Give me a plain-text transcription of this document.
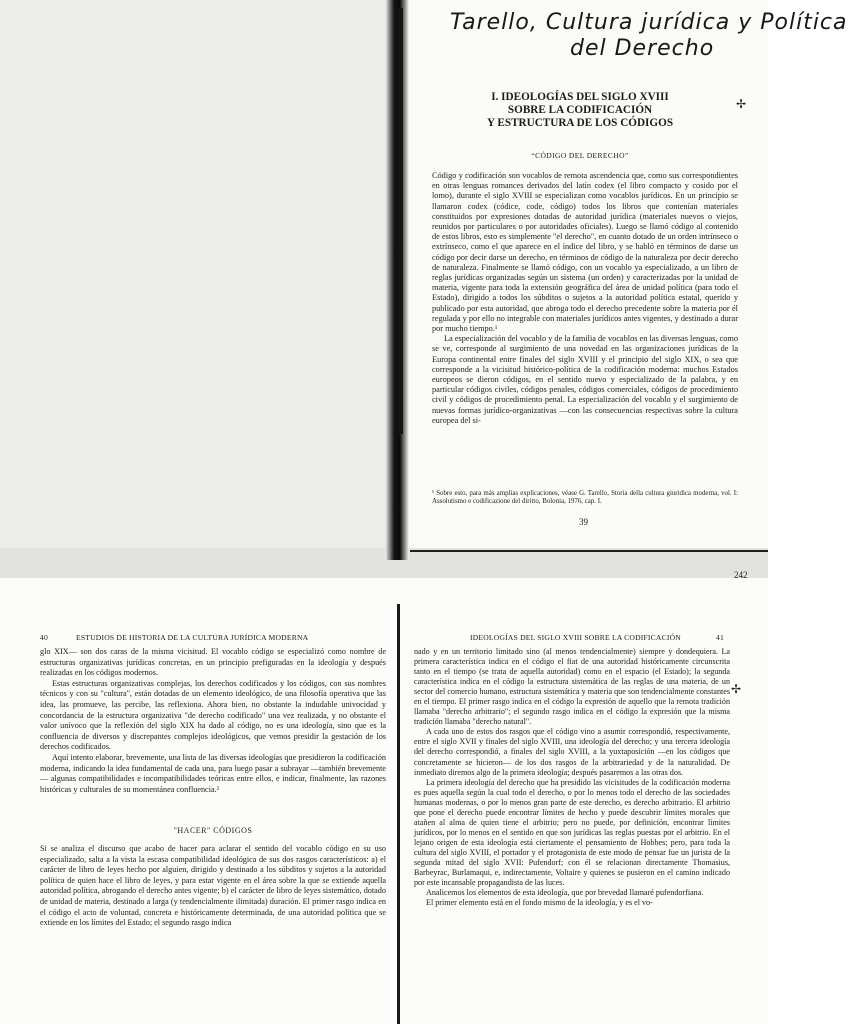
Tarello, Cultura jurídica y Política
del Derecho
I. IDEOLOGÍAS DEL SIGLO XVIII
SOBRE LA CODIFICACIÓN
Y ESTRUCTURA DE LOS CÓDIGOS
✢
“CÓDIGO DEL DERECHO”

Código y codificación son vocablos de remota ascendencia que, como sus correspondientes en otras lenguas romances derivados del latín codex (el libro compacto y cosido por el lomo), durante el siglo XVIII se especializan como vocablos jurídicos. En un principio se llamaron codex (códice, code, código) todos los libros que contenían materiales constituidos por expresiones dotadas de autoridad jurídica (materiales nuevos o viejos, reunidos por particulares o por autoridades oficiales). Luego se llamó código al contenido de estos libros, esto es simplemente "el derecho", en cuanto dotado de un orden intrínseco o extrínseco, como el que aparece en el índice del libro, y se habló en términos de darse un código por decir darse un derecho, en términos de código de la naturaleza por decir derecho de naturaleza. Finalmente se llamó código, con un vocablo ya especializado, a un libro de reglas jurídicas organizadas según un sistema (un orden) y caracterizadas por la unidad de materia, vigente para toda la extensión geográfica del área de unidad política (para todo el Estado), dirigido a todos los súbditos o sujetos a la autoridad política estatal, querido y publicado por esta autoridad, que abroga todo el derecho precedente sobre la materia por él regulada y por ello no integrable con materiales jurídicos antes vigentes, y destinado a durar por mucho tiempo.¹

La especialización del vocablo y de la familia de vocablos en las diversas lenguas, como se ve, corresponde al surgimiento de una novedad en las organizaciones jurídicas de la Europa continental entre finales del siglo XVIII y el principio del siglo XIX, o sea que corresponde a la vicisitud histórico-política de la codificación moderna: muchos Estados europeos se dieron códigos, en el sentido nuevo y especializado de la palabra, y en particular códigos civiles, códigos penales, códigos comerciales, códigos de procedimiento civil y códigos de procedimiento penal. La especialización del vocablo y el surgimiento de nuevas formas jurídico-organizativas —con las consecuencias respectivas sobre la cultura europea del si-

¹ Sobre esto, para más amplias explicaciones, véase G. Tarello, Storia della cultura giuridica moderna, vol. I: Assolutismo e codificazione del diritto, Bolonia, 1976, cap. I.
39
242
40	ESTUDIOS DE HISTORIA DE LA CULTURA JURÍDICA MODERNA

glo XIX— son dos caras de la misma vicisitud. El vocablo código se especializó como nombre de estructuras organizativas jurídicas concretas, en un principio prefiguradas en la ideología y después realizadas en los códigos modernos.

Estas estructuras organizativas complejas, los derechos codificados y los códigos, con sus nombres técnicos y con su "cultura", están dotadas de un elemento ideológico, de una filosofía operativa que las idea, las promueve, las percibe, las reflexiona. Ahora bien, no obstante la indudable univocidad y concordancia de la estructura organizativa "de derecho codificado" una vez realizada, y no obstante el valor unívoco que la reflexión del siglo XIX ha dado al código, no es una ideología, sino que es la confluencia de diversos y discrepantes complejos ideológicos, que vemos presidir la gestación de los derechos codificados.

Aquí intento elaborar, brevemente, una lista de las diversas ideologías que presidieron la codificación moderna, indicando la idea fundamental de cada una, para luego pasar a subrayar —también brevemente— algunas compatibilidades e incompatibilidades teóricas entre ellos, e indicar, finalmente, las razones históricas y culturales de su momentánea confluencia.²

"HACER" CÓDIGOS

Si se analiza el discurso que acabo de hacer para aclarar el sentido del vocablo código en su uso especializado, salta a la vista la escasa compatibilidad ideológica de sus dos rasgos característicos: a) el carácter de libro de leyes hecho por alguien, dirigido y destinado a los súbditos y sujetos a la autoridad política de quien hace el libro de leyes, y para estar vigente en el área sobre la que se extiende aquella autoridad política, abrogando el derecho antes vigente; b) el carácter de libro de leyes sistemático, dotado de unidad de materia, destinado a larga (y tendencialmente ilimitada) duración. El primer rasgo indica en el código el acto de voluntad, concreta e históricamente determinada, de una autoridad política que se extiende en los límites del Estado; el segundo rasgo indica

IDEOLOGÍAS DEL SIGLO XVIII SOBRE LA CODIFICACIÓN	41
✢

nado y en un territorio limitado sino (al menos tendencialmente) siempre y dondequiera. La primera característica indica en el código el fiat de una autoridad históricamente circunscrita tanto en el tiempo (se trata de aquella autoridad) como en el espacio (el Estado); la segunda característica indica en el código la estructura sistemática de las reglas de una materia, de un sector del comercio humano, estructura sistemática y materia que son tendencialmente constantes en el tiempo. El primer rasgo indica en el código la expresión de aquello que la remota tradición llamaba "derecho arbitrario"; el segundo rasgo indica en el código la expresión que la misma tradición llamaba "derecho natural".

A cada uno de estos dos rasgos que el código vino a asumir correspondió, respectivamente, entre el siglo XVII y finales del siglo XVIII, una ideología del derecho; y una tercera ideología del derecho correspondió, a finales del siglo XVIII, a la yuxtaposición —en los códigos que concretamente se hicieron— de los dos rasgos de la arbitrariedad y de la naturalidad. De inmediato diremos algo de la primera ideología; después pasaremos a las otras dos.

La primera ideología del derecho que ha presidido las vicisitudes de la codificación moderna es pues aquella según la cual todo el derecho, o por lo menos todo el derecho de las sociedades humanas modernas, o por lo menos gran parte de este derecho, es derecho arbitrario. El arbitrio que pone el derecho puede encontrar límites de hecho y puede descubrir límites morales que atañen al alma de quien tiene el arbitrio; pero no puede, por definición, encontrar límites jurídicos, por lo menos en el sentido en que son jurídicas las reglas puestas por el arbitrio. En el lejano origen de esta ideología está ciertamente el pensamiento de Hobbes; pero, para toda la cultura del siglo XVIII, el portador y el protagonista de este modo de pensar fue un jurista de la segunda mitad del siglo XVII: Pufendorf; con él se relacionan directamente Thomasius, Barbeyrac, Burlamaqui, e, indirectamente, Voltaire y quienes se pusieron en el camino indicado por este incansable propagandista de las luces.

Analicemos los elementos de esta ideología, que por brevedad llamaré pufendorfiana.

El primer elemento está en el fondo mismo de la ideología, y es el vo-
